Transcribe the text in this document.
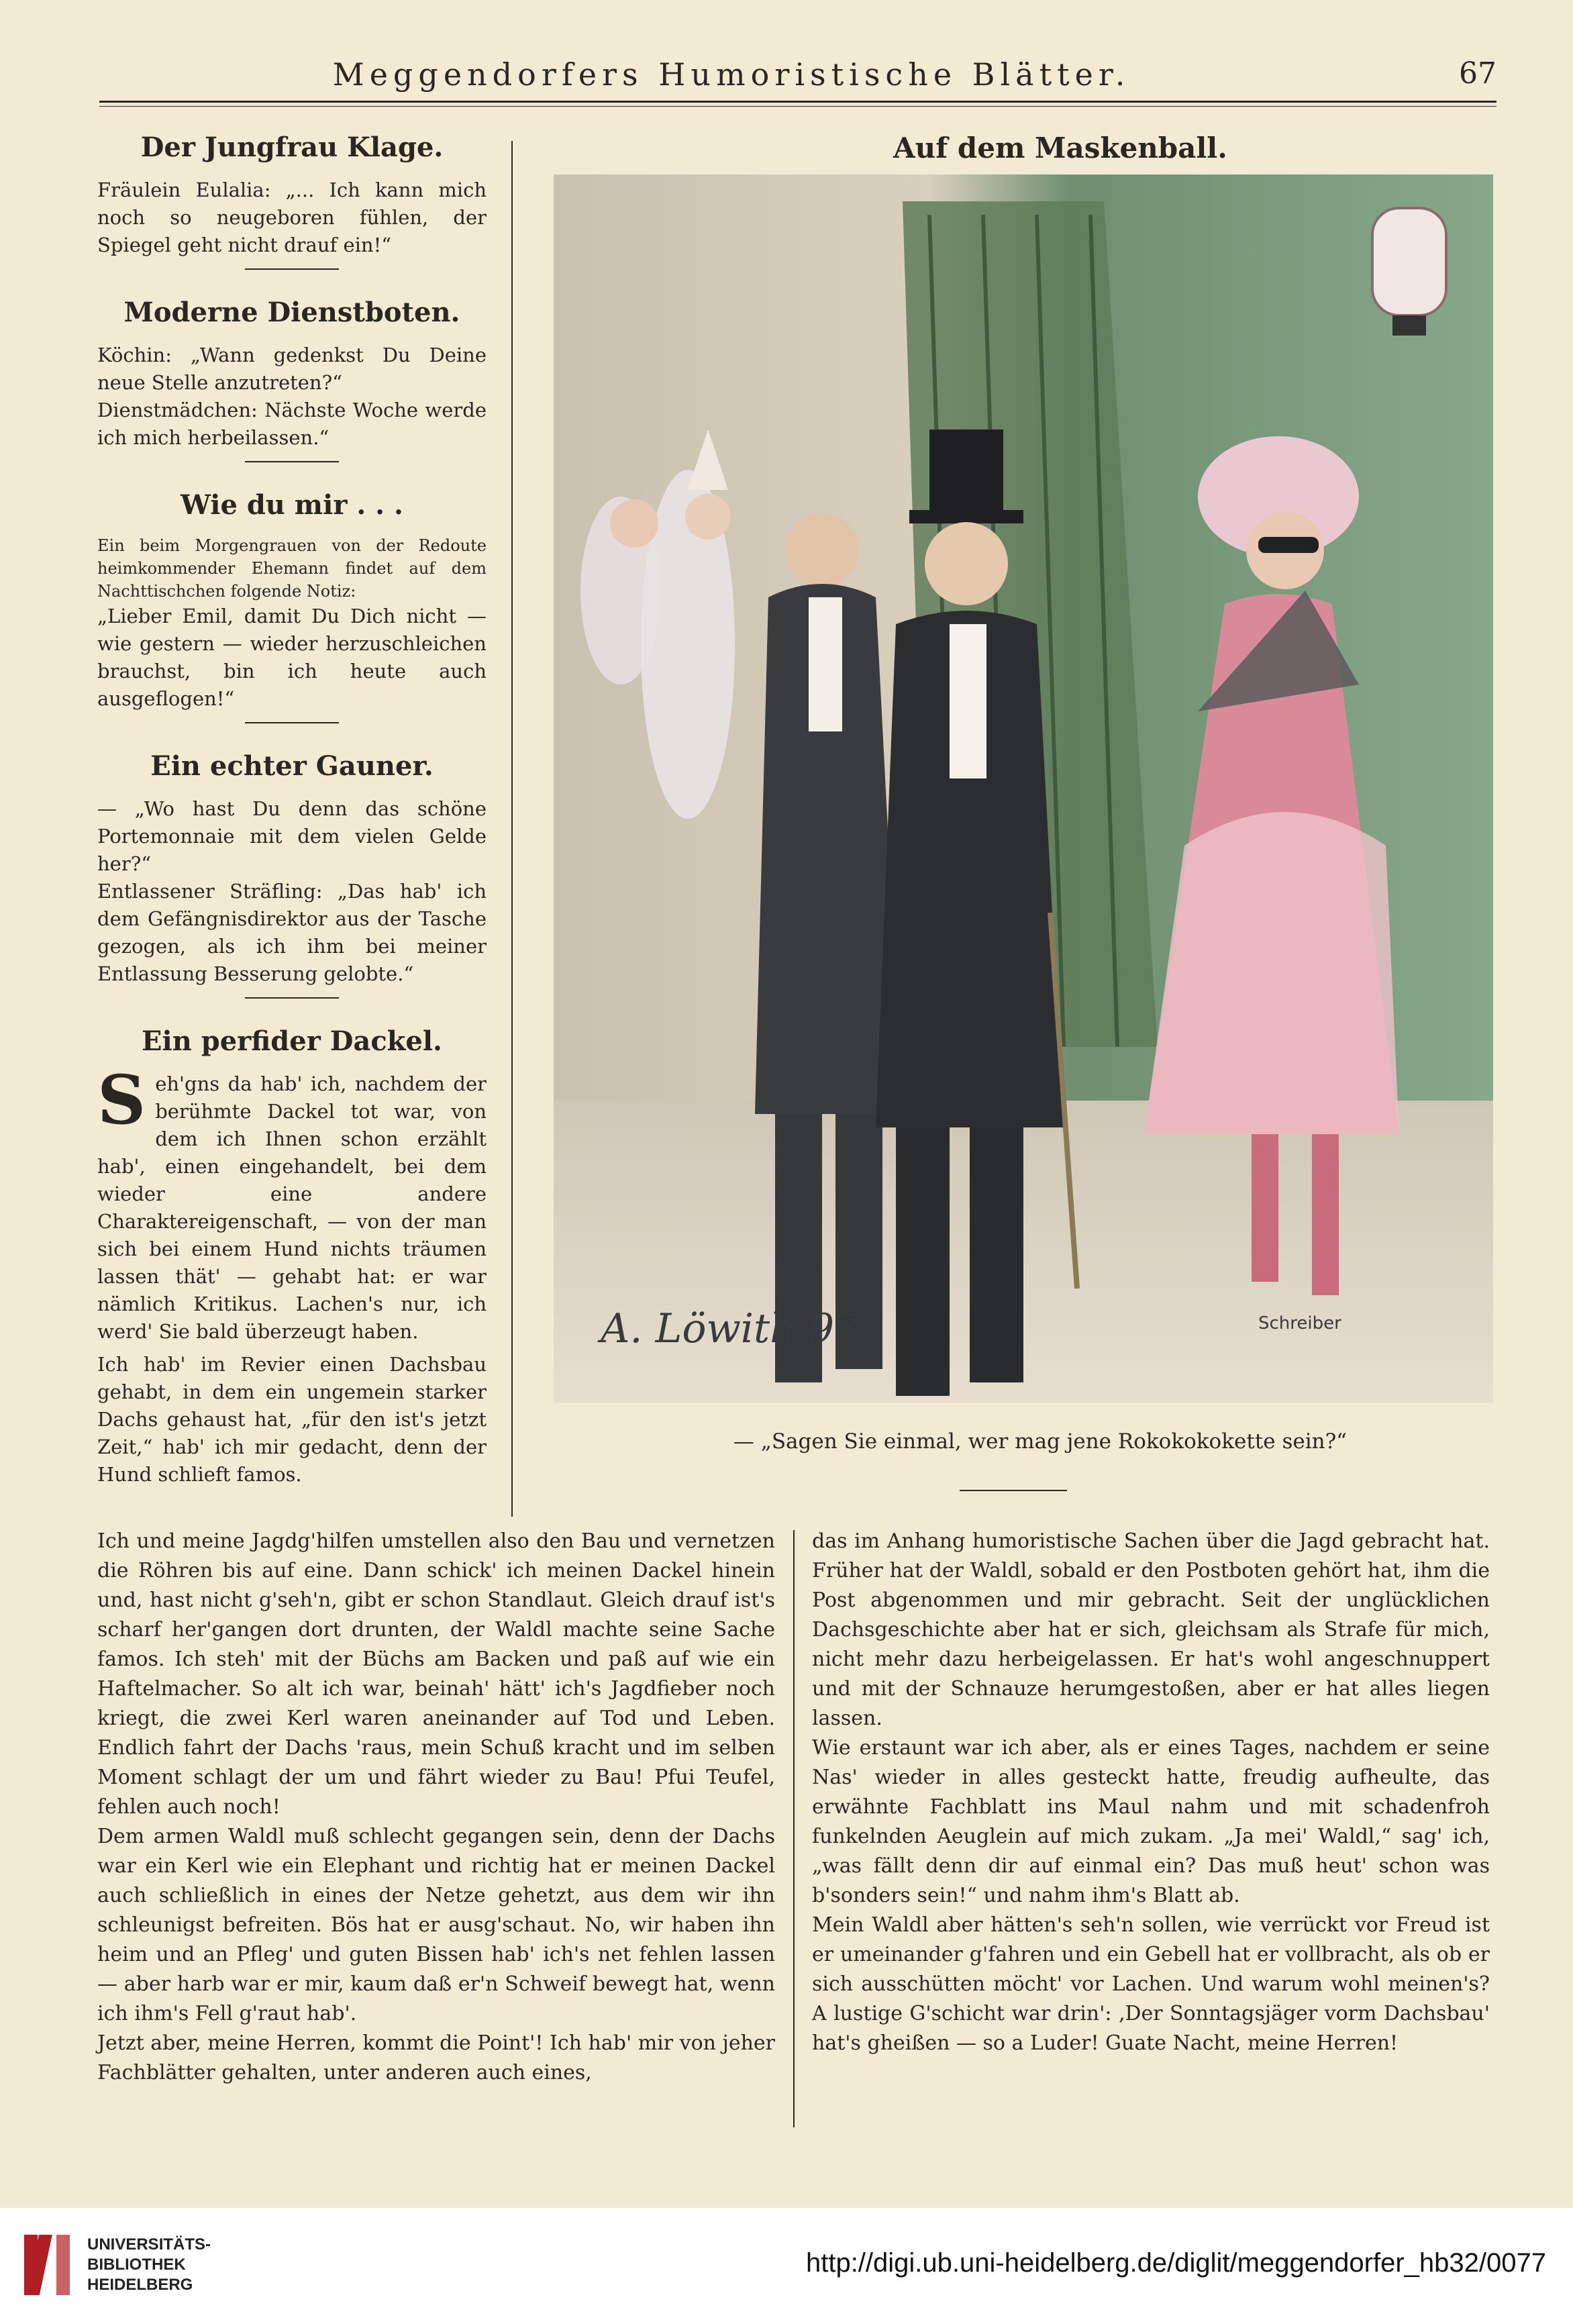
Meggendorfers Humoristische Blätter.	67
Der Jungfrau Klage.

Fräulein Eulalia: „... Ich kann mich noch so neugeboren fühlen, der Spiegel geht nicht drauf ein!“

Moderne Dienstboten.

Köchin: „Wann gedenkst Du Deine neue Stelle anzutreten?“

Dienstmädchen: Nächste Woche werde ich mich herbeilassen.“

Wie du mir . . .

Ein beim Morgengrauen von der Redoute heimkommender Ehemann findet auf dem Nachttischchen folgende Notiz:

„Lieber Emil, damit Du Dich nicht — wie gestern — wieder herzuschleichen brauchst, bin ich heute auch ausgeflogen!“

Ein echter Gauner.

— „Wo hast Du denn das schöne Portemonnaie mit dem vielen Gelde her?“

Entlassener Sträfling: „Das hab' ich dem Gefängnisdirektor aus der Tasche gezogen, als ich ihm bei meiner Entlassung Besserung gelobte.“

Ein perfider Dackel.

Seh'gns da hab' ich, nachdem der berühmte Dackel tot war, von dem ich Ihnen schon erzählt hab', einen eingehandelt, bei dem wieder eine andere Charaktereigenschaft, — von der man sich bei einem Hund nichts träumen lassen thät' — gehabt hat: er war nämlich Kritikus. Lachen's nur, ich werd' Sie bald überzeugt haben.

Ich hab' im Revier einen Dachsbau gehabt, in dem ein ungemein starker Dachs gehaust hat, „für den ist's jetzt Zeit,“ hab' ich mir gedacht, denn der Hund schlieft famos.

Auf dem Maskenball.
A. Löwith 97.	Schreiber
— „Sagen Sie einmal, wer mag jene Rokokokokette sein?“

Ich und meine Jagdg'hilfen umstellen also den Bau und vernetzen die Röhren bis auf eine. Dann schick' ich meinen Dackel hinein und, hast nicht g'seh'n, gibt er schon Standlaut. Gleich drauf ist's scharf her'gangen dort drunten, der Waldl machte seine Sache famos. Ich steh' mit der Büchs am Backen und paß auf wie ein Haftelmacher. So alt ich war, beinah' hätt' ich's Jagdfieber noch kriegt, die zwei Kerl waren aneinander auf Tod und Leben. Endlich fahrt der Dachs 'raus, mein Schuß kracht und im selben Moment schlagt der um und fährt wieder zu Bau! Pfui Teufel, fehlen auch noch!

Dem armen Waldl muß schlecht gegangen sein, denn der Dachs war ein Kerl wie ein Elephant und richtig hat er meinen Dackel auch schließlich in eines der Netze gehetzt, aus dem wir ihn schleunigst befreiten. Bös hat er ausg'schaut. No, wir haben ihn heim und an Pfleg' und guten Bissen hab' ich's net fehlen lassen — aber harb war er mir, kaum daß er'n Schweif bewegt hat, wenn ich ihm's Fell g'raut hab'.

Jetzt aber, meine Herren, kommt die Point'! Ich hab' mir von jeher Fachblätter gehalten, unter anderen auch eines,

das im Anhang humoristische Sachen über die Jagd gebracht hat. Früher hat der Waldl, sobald er den Postboten gehört hat, ihm die Post abgenommen und mir gebracht. Seit der unglücklichen Dachsgeschichte aber hat er sich, gleichsam als Strafe für mich, nicht mehr dazu herbeigelassen. Er hat's wohl angeschnuppert und mit der Schnauze herumgestoßen, aber er hat alles liegen lassen.

Wie erstaunt war ich aber, als er eines Tages, nachdem er seine Nas' wieder in alles gesteckt hatte, freudig aufheulte, das erwähnte Fachblatt ins Maul nahm und mit schadenfroh funkelnden Aeuglein auf mich zukam. „Ja mei' Waldl,“ sag' ich, „was fällt denn dir auf einmal ein? Das muß heut' schon was b'sonders sein!“ und nahm ihm's Blatt ab.

Mein Waldl aber hätten's seh'n sollen, wie verrückt vor Freud ist er umeinander g'fahren und ein Gebell hat er vollbracht, als ob er sich ausschütten möcht' vor Lachen. Und warum wohl meinen's? A lustige G'schicht war drin': ‚Der Sonntagsjäger vorm Dachsbau' hat's gheißen — so a Luder! Guate Nacht, meine Herren!

UNIVERSITÄTS-
BIBLIOTHEK
HEIDELBERG
http://digi.ub.uni-heidelberg.de/diglit/meggendorfer_hb32/0077
